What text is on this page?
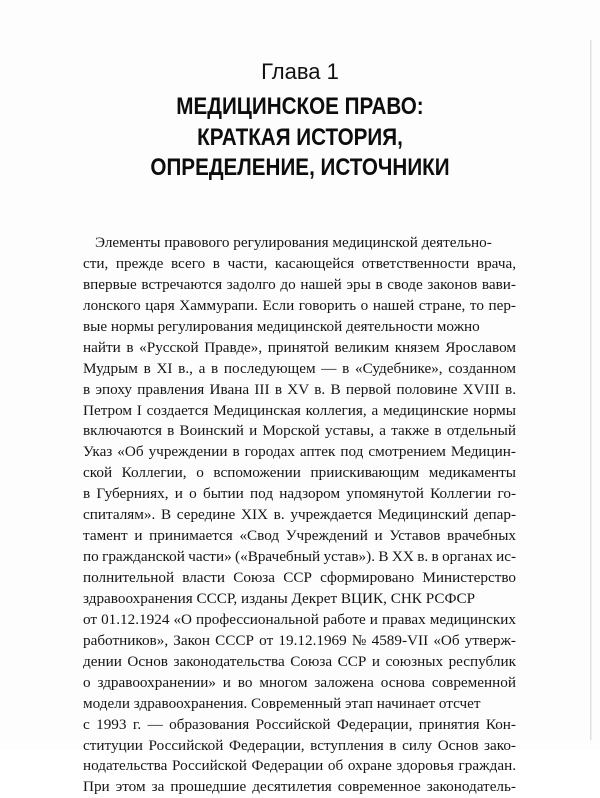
Глава 1
МЕДИЦИНСКОЕ ПРАВО:
КРАТКАЯ ИСТОРИЯ,
ОПРЕДЕЛЕНИЕ, ИСТОЧНИКИ
Элементы правового регулирования медицинской деятельно-
сти, прежде всего в части, касающейся ответственности врача,
впервые встречаются задолго до нашей эры в своде законов вави-
лонского царя Хаммурапи. Если говорить о нашей стране, то пер-
вые нормы регулирования медицинской деятельности можно
найти в «Русской Правде», принятой великим князем Ярославом
Мудрым в XI в., а в последующем — в «Судебнике», созданном
в эпоху правления Ивана III в XV в. В первой половине XVIII в.
Петром I создается Медицинская коллегия, а медицинские нормы
включаются в Воинский и Морской уставы, а также в отдельный
Указ «Об учреждении в городах аптек под смотрением Медицин-
ской Коллегии, о вспоможении приискивающим медикаменты
в Губерниях, и о бытии под надзором упомянутой Коллегии го-
спиталям». В середине XIX в. учреждается Медицинский депар-
тамент и принимается «Свод Учреждений и Уставов врачебных
по гражданской части» («Врачебный устав»). В XX в. в органах ис-
полнительной власти Союза ССР сформировано Министерство
здравоохранения СССР, изданы Декрет ВЦИК, СНК РСФСР
от 01.12.1924 «О профессиональной работе и правах медицинских
работников», Закон СССР от 19.12.1969 № 4589-VII «Об утверж-
дении Основ законодательства Союза ССР и союзных республик
о здравоохранении» и во многом заложена основа современной
модели здравоохранения. Современный этап начинает отсчет
с 1993 г. — образования Российской Федерации, принятия Кон-
ституции Российской Федерации, вступления в силу Основ зако-
нодательства Российской Федерации об охране здоровья граждан.
При этом за прошедшие десятилетия современное законодатель-
